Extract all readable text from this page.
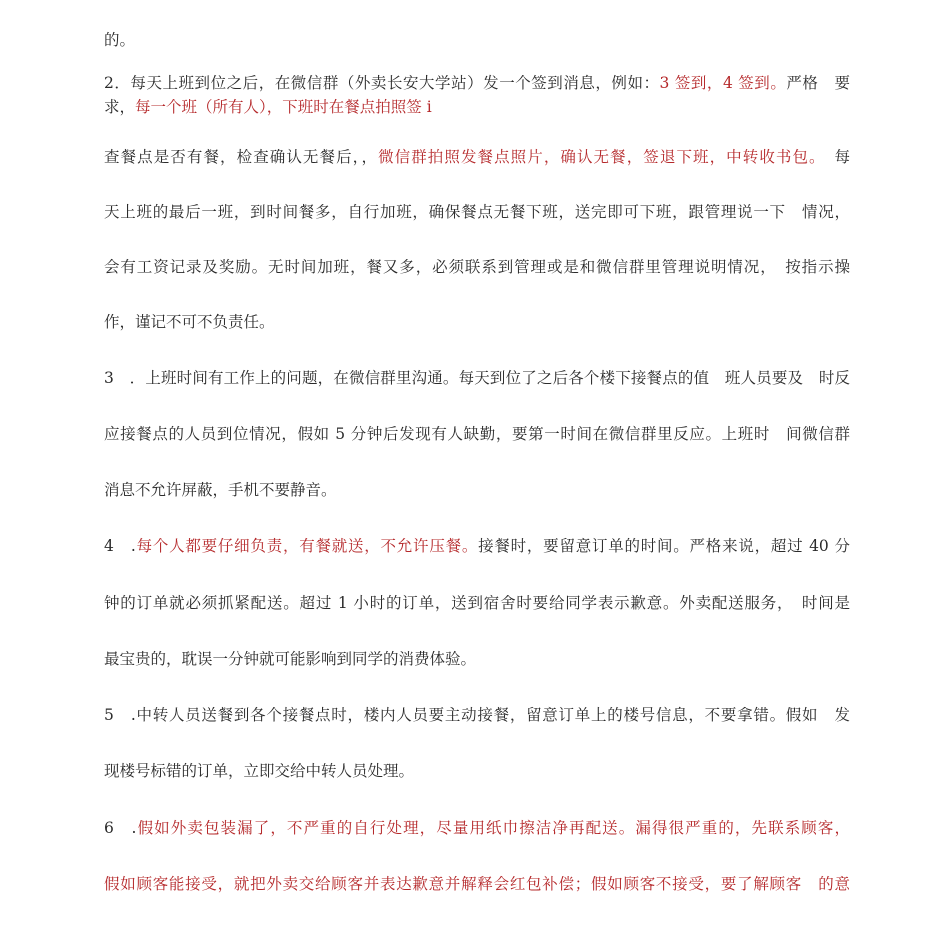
的。
2．每天上班到位之后，在微信群（外卖长安大学站）发一个签到消息，例如：3 签到，4 签到。严格　要
求，每一个班（所有人），下班时在餐点拍照签 i
查餐点是否有餐，检查确认无餐后，，微信群拍照发餐点照片，确认无餐，签退下班，中转收书包。　每
天上班的最后一班，到时间餐多，自行加班，确保餐点无餐下班，送完即可下班，跟管理说一下　情况，
会有工资记录及奖励。无时间加班，餐又多，必须联系到管理或是和微信群里管理说明情况，　按指示操
作，谨记不可不负责任。
3　．上班时间有工作上的问题，在微信群里沟通。每天到位了之后各个楼下接餐点的值　班人员要及　时反
应接餐点的人员到位情况，假如 5 分钟后发现有人缺勤，要第一时间在微信群里反应。上班时　间微信群
消息不允许屏蔽，手机不要静音。
4　.每个人都要仔细负责，有餐就送，不允许压餐。接餐时，要留意订单的时间。严格来说，超过 40 分
钟的订单就必须抓紧配送。超过 1 小时的订单，送到宿舍时要给同学表示歉意。外卖配送服务，　时间是
最宝贵的，耽误一分钟就可能影响到同学的消费体验。
5　.中转人员送餐到各个接餐点时，楼内人员要主动接餐，留意订单上的楼号信息，不要拿错。假如　发
现楼号标错的订单，立即交给中转人员处理。
6　.假如外卖包装漏了，不严重的自行处理，尽量用纸巾擦洁净再配送。漏得很严重的，先联系顾客，
假如顾客能接受，就把外卖交给顾客并表达歉意并解释会红包补偿；假如顾客不接受，要了解顾客　的意
